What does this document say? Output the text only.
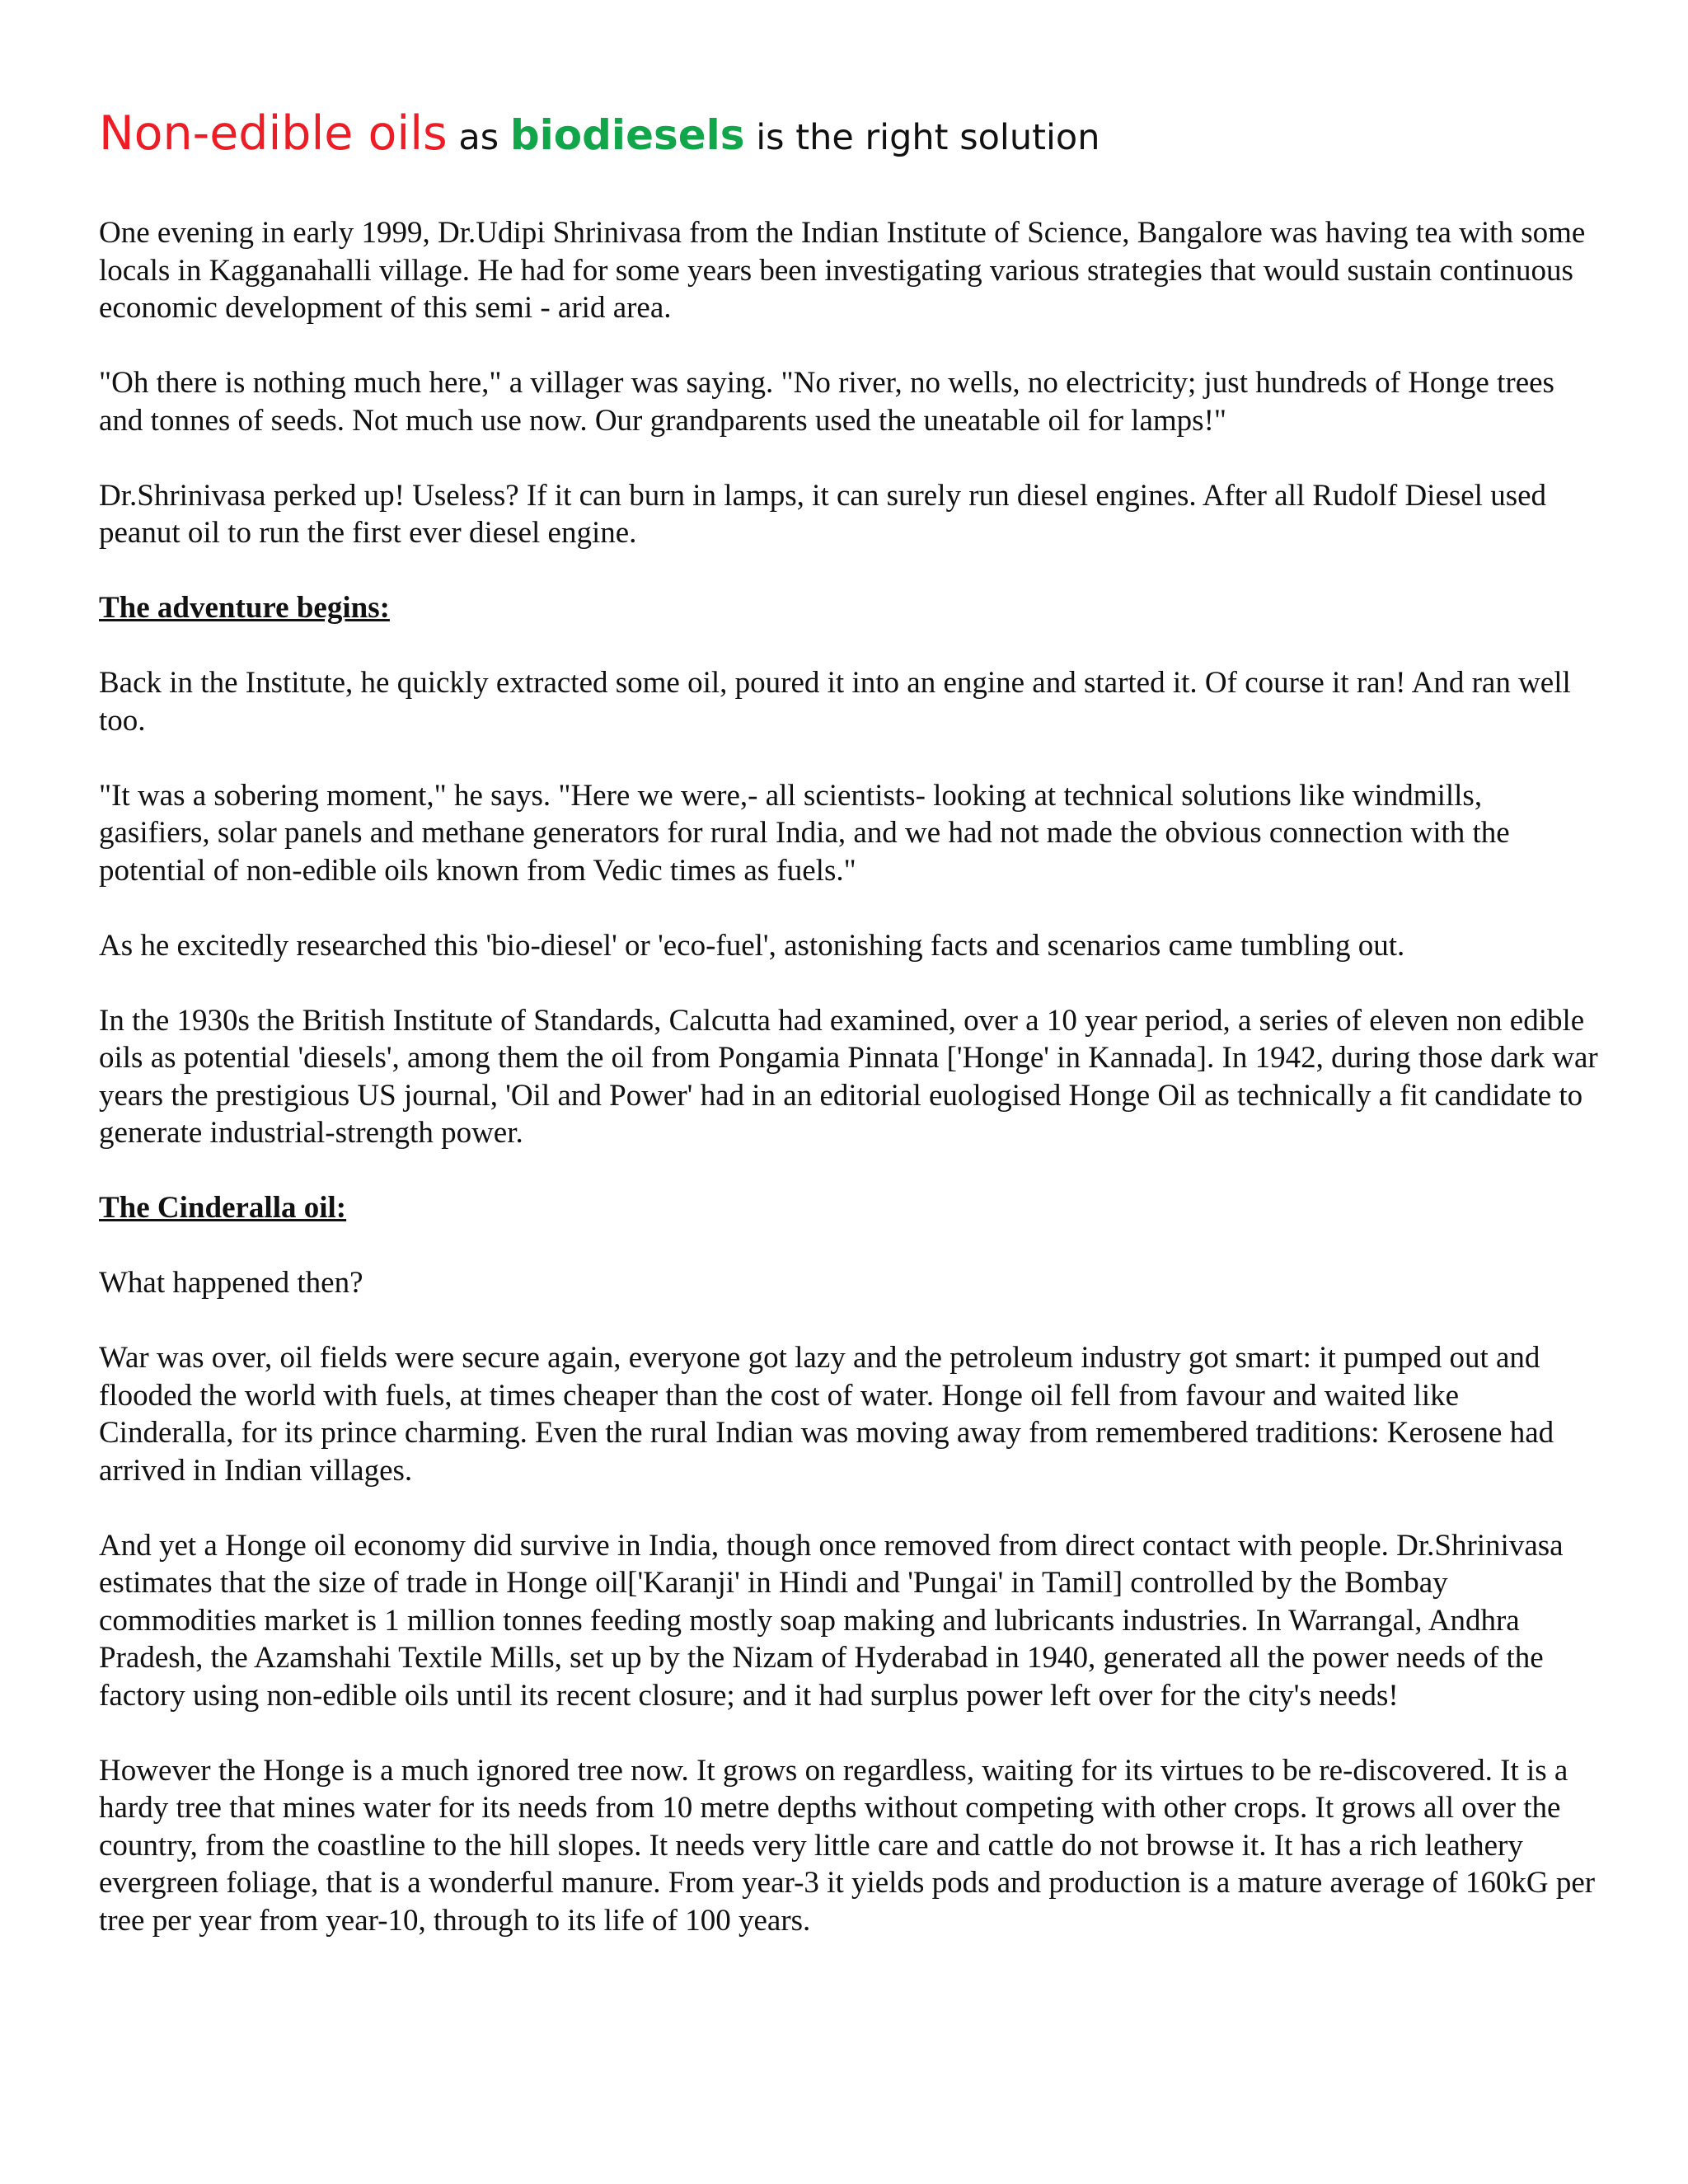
Non-edible oils as biodiesels is the right solution

One evening in early 1999, Dr.Udipi Shrinivasa from the Indian Institute of Science, Bangalore was having tea with some locals in Kagganahalli village. He had for some years been investigating various strategies that would sustain continuous economic development of this semi - arid area.

"Oh there is nothing much here," a villager was saying. "No river, no wells, no electricity; just hundreds of Honge trees and tonnes of seeds. Not much use now. Our grandparents used the uneatable oil for lamps!"

Dr.Shrinivasa perked up! Useless? If it can burn in lamps, it can surely run diesel engines. After all Rudolf Diesel used peanut oil to run the first ever diesel engine.

The adventure begins:

Back in the Institute, he quickly extracted some oil, poured it into an engine and started it. Of course it ran! And ran well too.

"It was a sobering moment," he says. "Here we were,- all scientists- looking at technical solutions like windmills, gasifiers, solar panels and methane generators for rural India, and we had not made the obvious connection with the potential of non-edible oils known from Vedic times as fuels."

As he excitedly researched this 'bio-diesel' or 'eco-fuel', astonishing facts and scenarios came tumbling out.

In the 1930s the British Institute of Standards, Calcutta had examined, over a 10 year period, a series of eleven non edible oils as potential 'diesels', among them the oil from Pongamia Pinnata ['Honge' in Kannada]. In 1942, during those dark war years the prestigious US journal, 'Oil and Power' had in an editorial euologised Honge Oil as technically a fit candidate to generate industrial-strength power.

The Cinderalla oil:

What happened then?

War was over, oil fields were secure again, everyone got lazy and the petroleum industry got smart: it pumped out and flooded the world with fuels, at times cheaper than the cost of water. Honge oil fell from favour and waited like Cinderalla, for its prince charming. Even the rural Indian was moving away from remembered traditions: Kerosene had arrived in Indian villages.

And yet a Honge oil economy did survive in India, though once removed from direct contact with people. Dr.Shrinivasa estimates that the size of trade in Honge oil['Karanji' in Hindi and 'Pungai' in Tamil] controlled by the Bombay commodities market is 1 million tonnes feeding mostly soap making and lubricants industries. In Warrangal, Andhra Pradesh, the Azamshahi Textile Mills, set up by the Nizam of Hyderabad in 1940, generated all the power needs of the factory using non-edible oils until its recent closure; and it had surplus power left over for the city's needs!

However the Honge is a much ignored tree now. It grows on regardless, waiting for its virtues to be re-discovered. It is a hardy tree that mines water for its needs from 10 metre depths without competing with other crops. It grows all over the country, from the coastline to the hill slopes. It needs very little care and cattle do not browse it. It has a rich leathery evergreen foliage, that is a wonderful manure. From year-3 it yields pods and production is a mature average of 160kG per tree per year from year-10, through to its life of 100 years.
